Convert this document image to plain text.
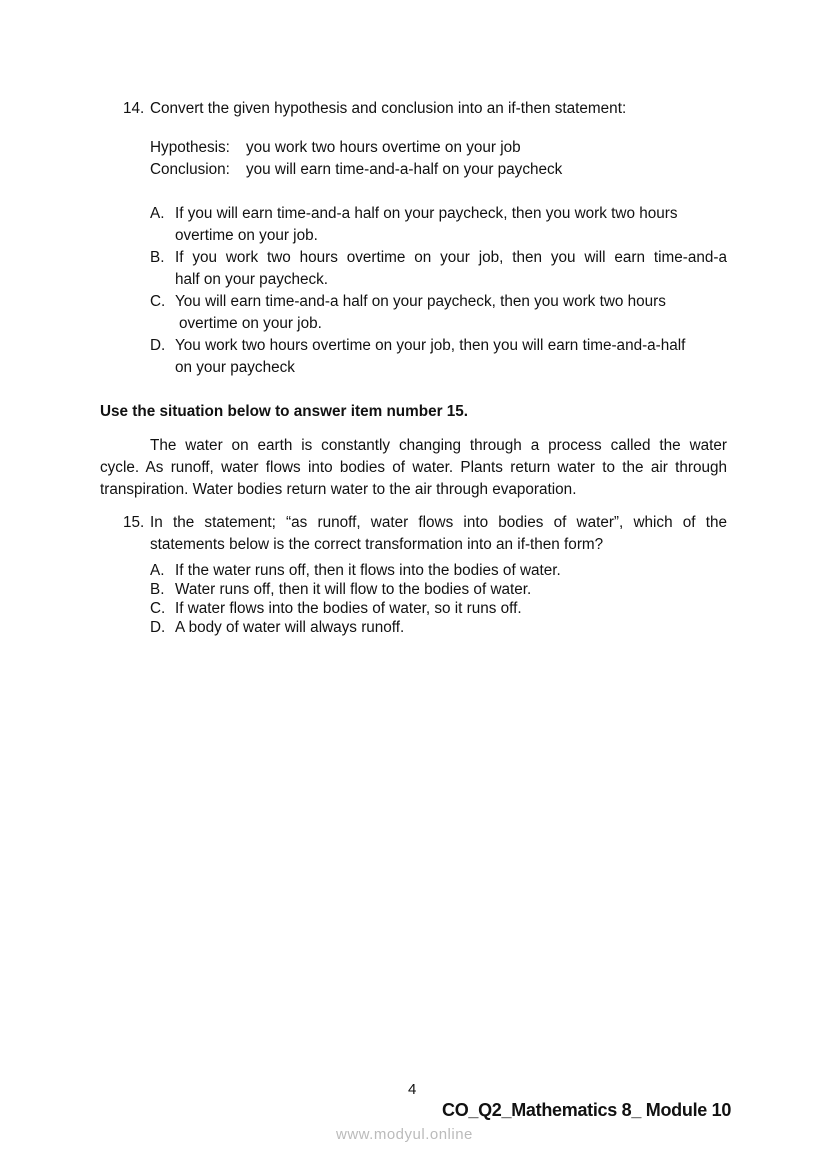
14. Convert the given hypothesis and conclusion into an if-then statement:
Hypothesis: you work two hours overtime on your job
Conclusion: you will earn time-and-a-half on your paycheck
A. If you will earn time-and-a half on your paycheck, then you work two hours
overtime on your job.
B. If you work two hours overtime on your job, then you will earn time-and-a
half on your paycheck.
C. You will earn time-and-a half on your paycheck, then you work two hours
overtime on your job.
D. You work two hours overtime on your job, then you will earn time-and-a-half
on your paycheck
Use the situation below to answer item number 15.
The water on earth is constantly changing through a process called the water
cycle. As runoff, water flows into bodies of water. Plants return water to the air through
transpiration. Water bodies return water to the air through evaporation.
15. In the statement; “as runoff, water flows into bodies of water”, which of the
statements below is the correct transformation into an if-then form?
A. If the water runs off, then it flows into the bodies of water.
B. Water runs off, then it will flow to the bodies of water.
C. If water flows into the bodies of water, so it runs off.
D. A body of water will always runoff.
4
CO_Q2_Mathematics 8_ Module 10
www.modyul.online
